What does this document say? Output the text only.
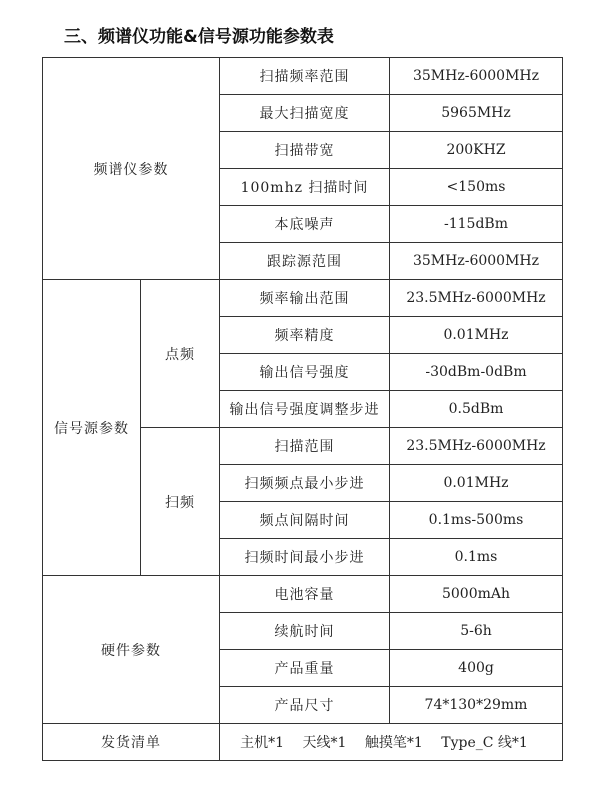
三、频谱仪功能&信号源功能参数表
频谱仪参数		扫描频率范围	35MHz-6000MHz
		最大扫描宽度	5965MHz
		扫描带宽	200KHZ
		100mhz 扫描时间	<150ms
		本底噪声	-115dBm
		跟踪源范围	35MHz-6000MHz
信号源参数	点频	频率输出范围	23.5MHz-6000MHz
		频率精度	0.01MHz
		输出信号强度	-30dBm-0dBm
		输出信号强度调整步进	0.5dBm
	扫频	扫描范围	23.5MHz-6000MHz
		扫频频点最小步进	0.01MHz
		频点间隔时间	0.1ms-500ms
		扫频时间最小步进	0.1ms
硬件参数		电池容量	5000mAh
		续航时间	5-6h
		产品重量	400g
		产品尺寸	74*130*29mm
发货清单		主机*1 天线*1 触摸笔*1 Type_C 线*1	
